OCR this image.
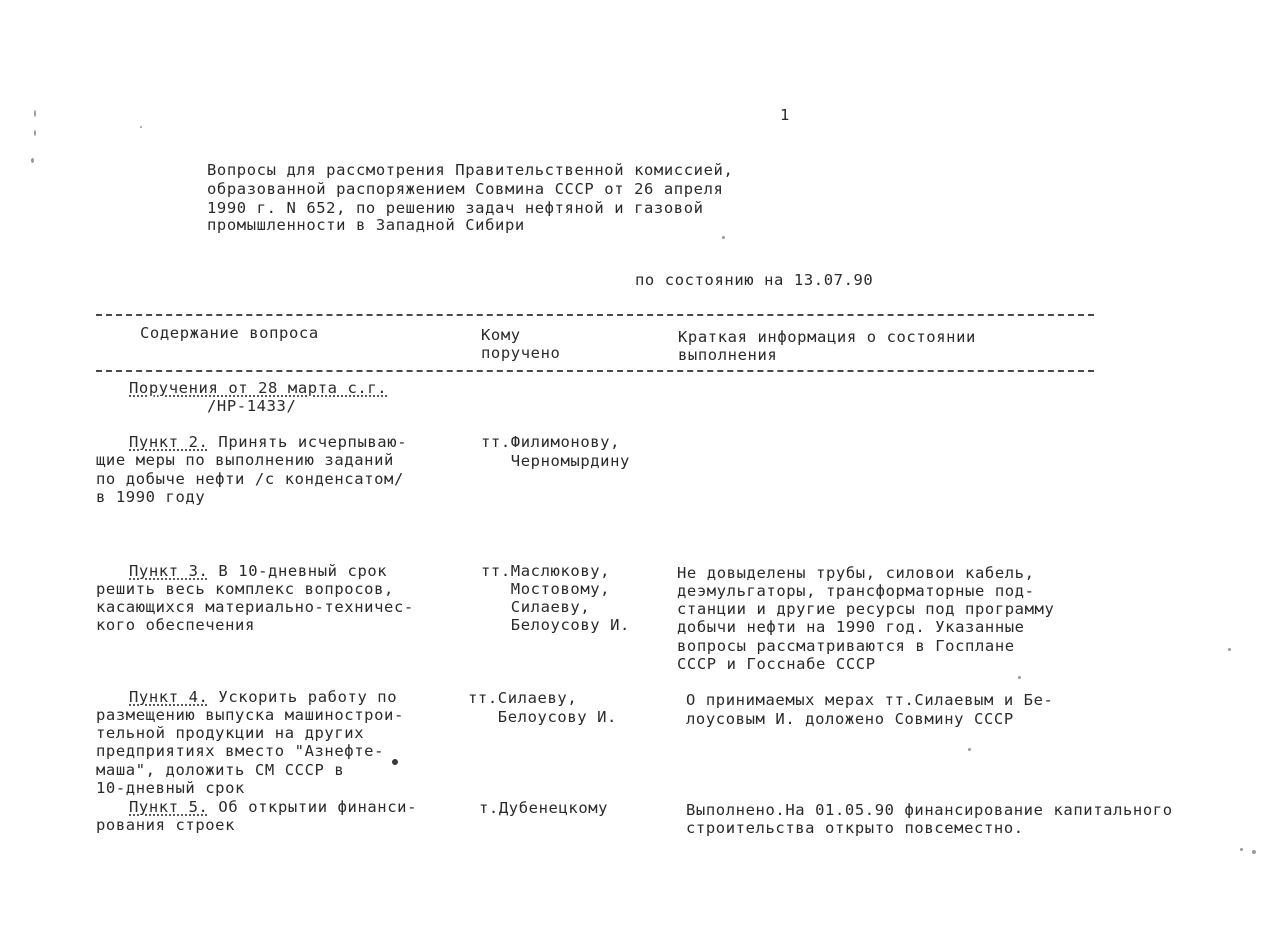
1
Вопросы для рассмотрения Правительственной комиссией,
образованной распоряжением Совмина СССР от 26 апреля
1990 г. N 652, по решению задач нефтяной и газовой
промышленности в Западной Сибири
по состоянию на 13.07.90
Содержание вопроса	Кому
поручено
Краткая информация о состоянии
выполнения
Поручения от 28 марта с.г.
/НР-1433/
Пункт 2. Принять исчерпываю-
щие меры по выполнению заданий
по добыче нефти /с конденсатом/
в 1990 году
тт.Филимонову,
Черномырдину
Пункт 3. В 10-дневный срок
решить весь комплекс вопросов,
касающихся материально-техничес-
кого обеспечения
тт.Маслюкову,
Мостовому,
Силаеву,
Белоусову И.
Не довыделены трубы, силовои кабель,
деэмульгаторы, трансформаторные под-
станции и другие ресурсы под программу
добычи нефти на 1990 год. Указанные
вопросы рассматриваются в Госплане
СССР и Госснабе СССР
Пункт 4. Ускорить работу по
размещению выпуска машинострои-
тельной продукции на других
предприятиях вместо "Азнефте-
маша", доложить СМ СССР в
10-дневный срок
тт.Силаеву,
Белоусову И.
О принимаемых мерах тт.Силаевым и Бе-
лоусовым И. доложено Совмину СССР
Пункт 5. Об открытии финанси-
рования строек
т.Дубенецкому	Выполнено.На 01.05.90 финансирование капитального
строительства открыто повсеместно.
